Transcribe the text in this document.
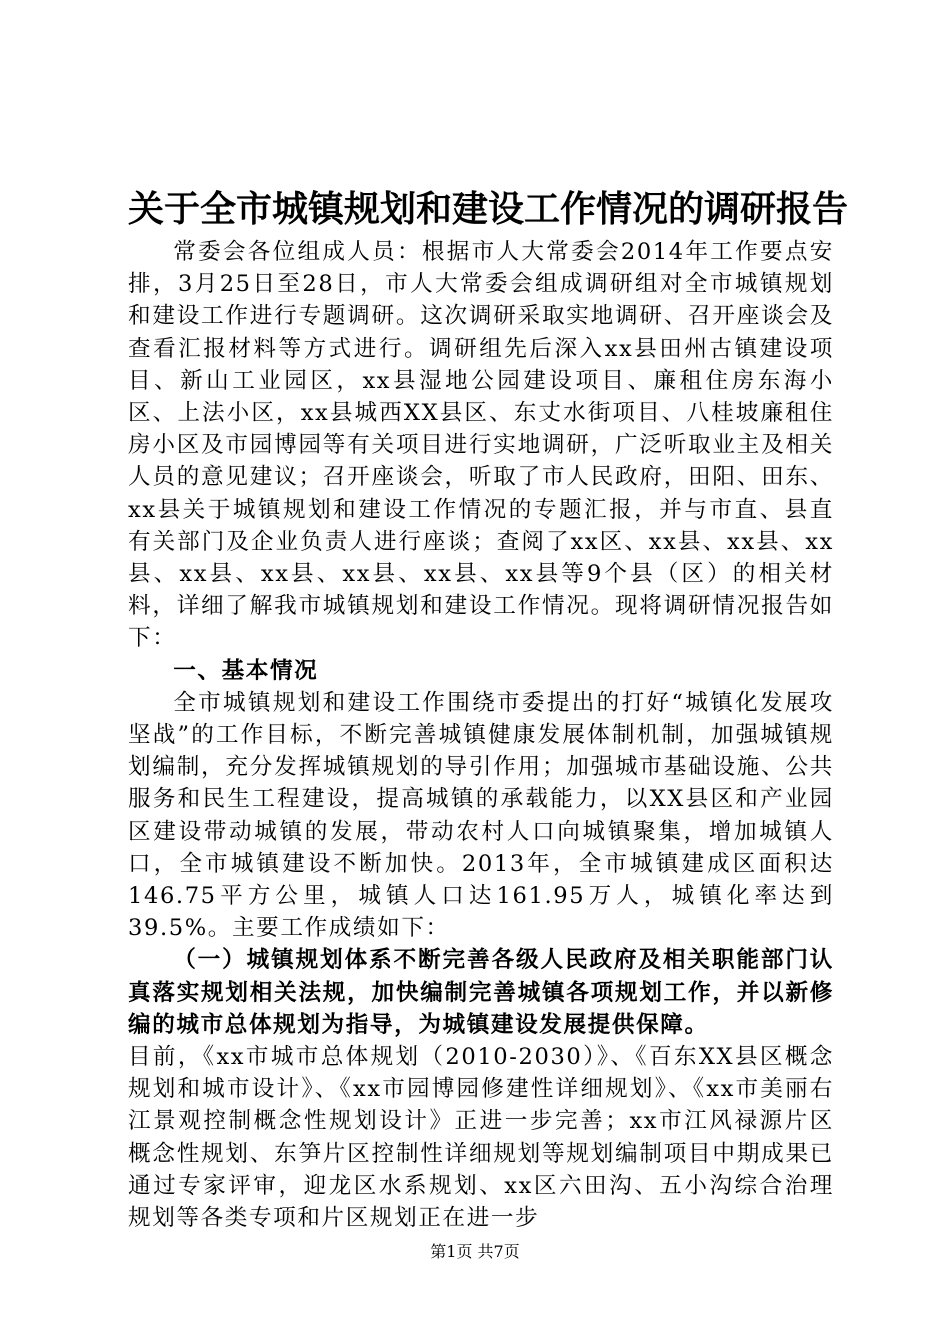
关于全市城镇规划和建设工作情况的调研报告

常委会各位组成人员：根据市人大常委会2014年工作要点安排，3月25日至28日，市人大常委会组成调研组对全市城镇规划和建设工作进行专题调研。这次调研采取实地调研、召开座谈会及查看汇报材料等方式进行。调研组先后深入xx县田州古镇建设项目、新山工业园区，xx县湿地公园建设项目、廉租住房东海小区、上法小区，xx县城西XX县区、东丈水街项目、八桂坡廉租住房小区及市园博园等有关项目进行实地调研，广泛听取业主及相关人员的意见建议；召开座谈会，听取了市人民政府，田阳、田东、xx县关于城镇规划和建设工作情况的专题汇报，并与市直、县直有关部门及企业负责人进行座谈；查阅了xx区、xx县、xx县、xx县、xx县、xx县、xx县、xx县、xx县等9个县（区）的相关材料，详细了解我市城镇规划和建设工作情况。现将调研情况报告如下：

一、基本情况

全市城镇规划和建设工作围绕市委提出的打好“城镇化发展攻坚战”的工作目标，不断完善城镇健康发展体制机制，加强城镇规划编制，充分发挥城镇规划的导引作用；加强城市基础设施、公共服务和民生工程建设，提高城镇的承载能力，以XX县区和产业园区建设带动城镇的发展，带动农村人口向城镇聚集，增加城镇人口，全市城镇建设不断加快。2013年，全市城镇建成区面积达146.75平方公里，城镇人口达161.95万人，城镇化率达到39.5%。主要工作成绩如下：

（一）城镇规划体系不断完善各级人民政府及相关职能部门认真落实规划相关法规，加快编制完善城镇各项规划工作，并以新修编的城市总体规划为指导，为城镇建设发展提供保障。

目前，《xx市城市总体规划（2010-2030）》、《百东XX县区概念规划和城市设计》、《xx市园博园修建性详细规划》、《xx市美丽右江景观控制概念性规划设计》正进一步完善；xx市江风禄源片区概念性规划、东笋片区控制性详细规划等规划编制项目中期成果已通过专家评审，迎龙区水系规划、xx区六田沟、五小沟综合治理规划等各类专项和片区规划正在进一步

第1页 共7页
